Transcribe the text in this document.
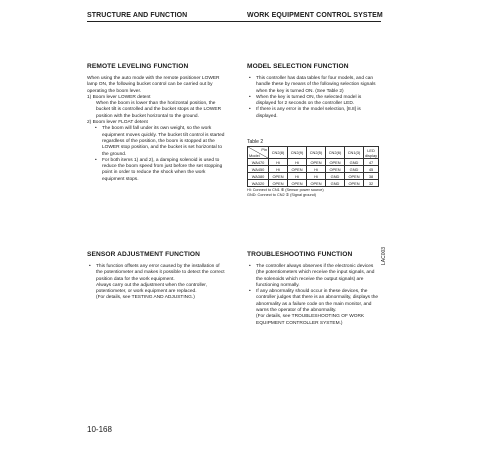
STRUCTURE AND FUNCTION	WORK EQUIPMENT CONTROL SYSTEM
REMOTE LEVELING FUNCTION

When using the auto mode with the remote positioner LOWER lamp ON, the following bucket control can be carried out by operating the boom lever.

1) Boom lever LOWER detent

When the boom is lower than the horizontal position, the bucket tilt is controlled and the bucket stops at the LOWER position with the bucket horizontal to the ground.

2) Boom lever FLOAT detent

• The boom will fall under its own weight, so the work equipment moves quickly. The bucket tilt control is started regardless of the position, the boom is stopped at the LOWER stop position, and the bucket is set horizontal to the ground.

• For both items 1) and 2), a damping solenoid is used to reduce the boom speed from just before the set stopping point in order to reduce the shock when the work equipment stops.

MODEL SELECTION FUNCTION

• This controller has data tables for four models, and can handle these by means of the following selection signals when the key is turned ON. (See Table 2)

• When the key is turned ON, the selected model is displayed for 2 seconds on the controller LED.

• If there is any error in the model selection, [8.8] is displayed.

Table 2
Pin
Model	CN2(8)	CN2(9)	CN2(5)	CN2(6)	CN1(3)	LED display
WA470	Hi	Hi	OPEN	OPEN	GND	47
WA450	Hi	OPEN	Hi	OPEN	GND	45
WA380	OPEN	Hi	Hi	GND	OPEN	38
WA320	OPEN	OPEN	OPEN	GND	OPEN	32
Hi: Connect to CN1 ⑥ (Sensor power source)
GND: Connect to CN2 ② (Signal ground)
LAC003
SENSOR ADJUSTMENT FUNCTION

• This function offsets any error caused by the installation of the potentiometer and makes it possible to detect the correct position data for the work equipment.

Always carry out the adjustment when the controller, potentiometer, or work equipment are replaced.

(For details, see TESTING AND ADJUSTING.)

TROUBLESHOOTING FUNCTION

• The controller always observes if the electronic devices (the potentiometers which receive the input signals, and the solenoids which receive the output signals) are functioning normally.

• If any abnormality should occur in these devices, the controller judges that there is an abnormality, displays the abnormality as a failure code on the main monitor, and warns the operator of the abnormality.

(For details, see TROUBLESHOOTING OF WORK EQUIPMENT CONTROLLER SYSTEM.)

10-168
